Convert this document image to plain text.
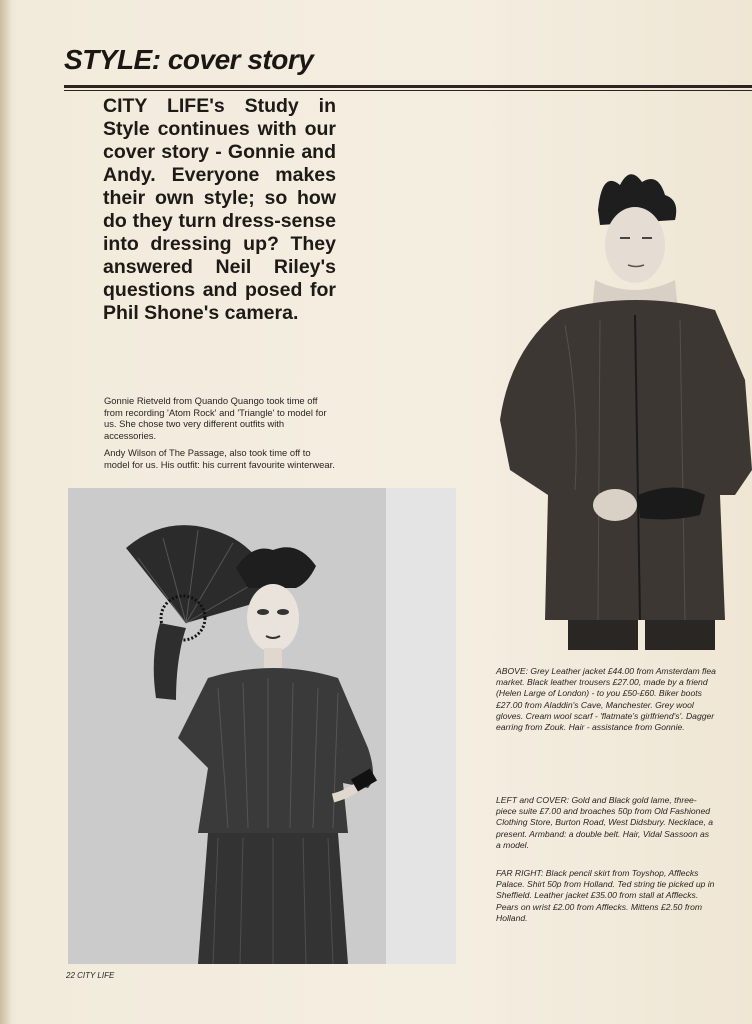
STYLE: cover story
CITY LIFE's Study in Style continues with our cover story - Gonnie and Andy. Everyone makes their own style; so how do they turn dress-sense into dressing up? They answered Neil Riley's questions and posed for Phil Shone's camera.
Gonnie Rietveld from Quando Quango took time off from recording 'Atom Rock' and 'Triangle' to model for us. She chose two very different outfits with accessories.
Andy Wilson of The Passage, also took time off to model for us. His outfit: his current favourite winterwear.
ABOVE: Grey Leather jacket £44.00 from Amsterdam flea market. Black leather trousers £27.00, made by a friend (Helen Large of London) - to you £50-£60. Biker boots £27.00 from Aladdin's Cave, Manchester. Grey wool gloves. Cream wool scarf - 'flatmate's girlfriend's'. Dagger earring from Zouk. Hair - assistance from Gonnie.
LEFT and COVER: Gold and Black gold lame, three-piece suite £7.00 and broaches 50p from Old Fashioned Clothing Store, Burton Road, West Didsbury. Necklace, a present. Armband: a double belt. Hair, Vidal Sassoon as a model.
FAR RIGHT: Black pencil skirt from Toyshop, Afflecks Palace. Shirt 50p from Holland. Ted string tie picked up in Sheffield. Leather jacket £35.00 from stall at Afflecks. Pears on wrist £2.00 from Afflecks. Mittens £2.50 from Holland.
22 CITY LIFE
